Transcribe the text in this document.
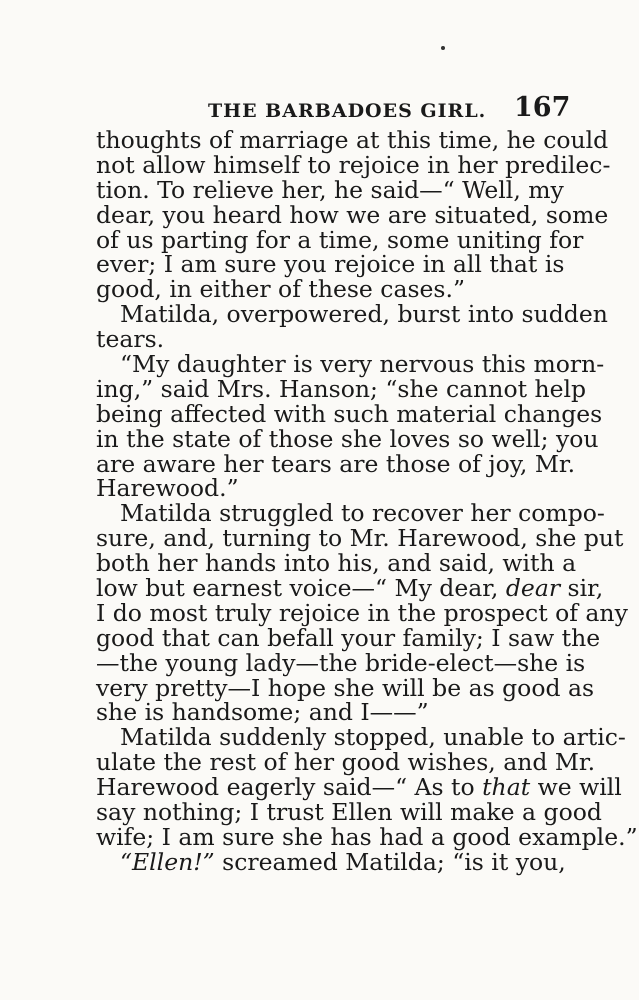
THE BARBADOES GIRL. 167
thoughts of marriage at this time, he could
not allow himself to rejoice in her predilec-
tion. To relieve her, he said—“ Well, my
dear, you heard how we are situated, some
of us parting for a time, some uniting for
ever; I am sure you rejoice in all that is
good, in either of these cases.”
Matilda, overpowered, burst into sudden
tears.
“My daughter is very nervous this morn-
ing,” said Mrs. Hanson; “she cannot help
being affected with such material changes
in the state of those she loves so well; you
are aware her tears are those of joy, Mr.
Harewood.”
Matilda struggled to recover her compo-
sure, and, turning to Mr. Harewood, she put
both her hands into his, and said, with a
low but earnest voice—“ My dear, dear sir,
I do most truly rejoice in the prospect of any
good that can befall your family; I saw the
—the young lady—the bride-elect—she is
very pretty—I hope she will be as good as
she is handsome; and I——”
Matilda suddenly stopped, unable to artic-
ulate the rest of her good wishes, and Mr.
Harewood eagerly said—“ As to that we will
say nothing; I trust Ellen will make a good
wife; I am sure she has had a good example.”
“Ellen!” screamed Matilda; “is it you,
